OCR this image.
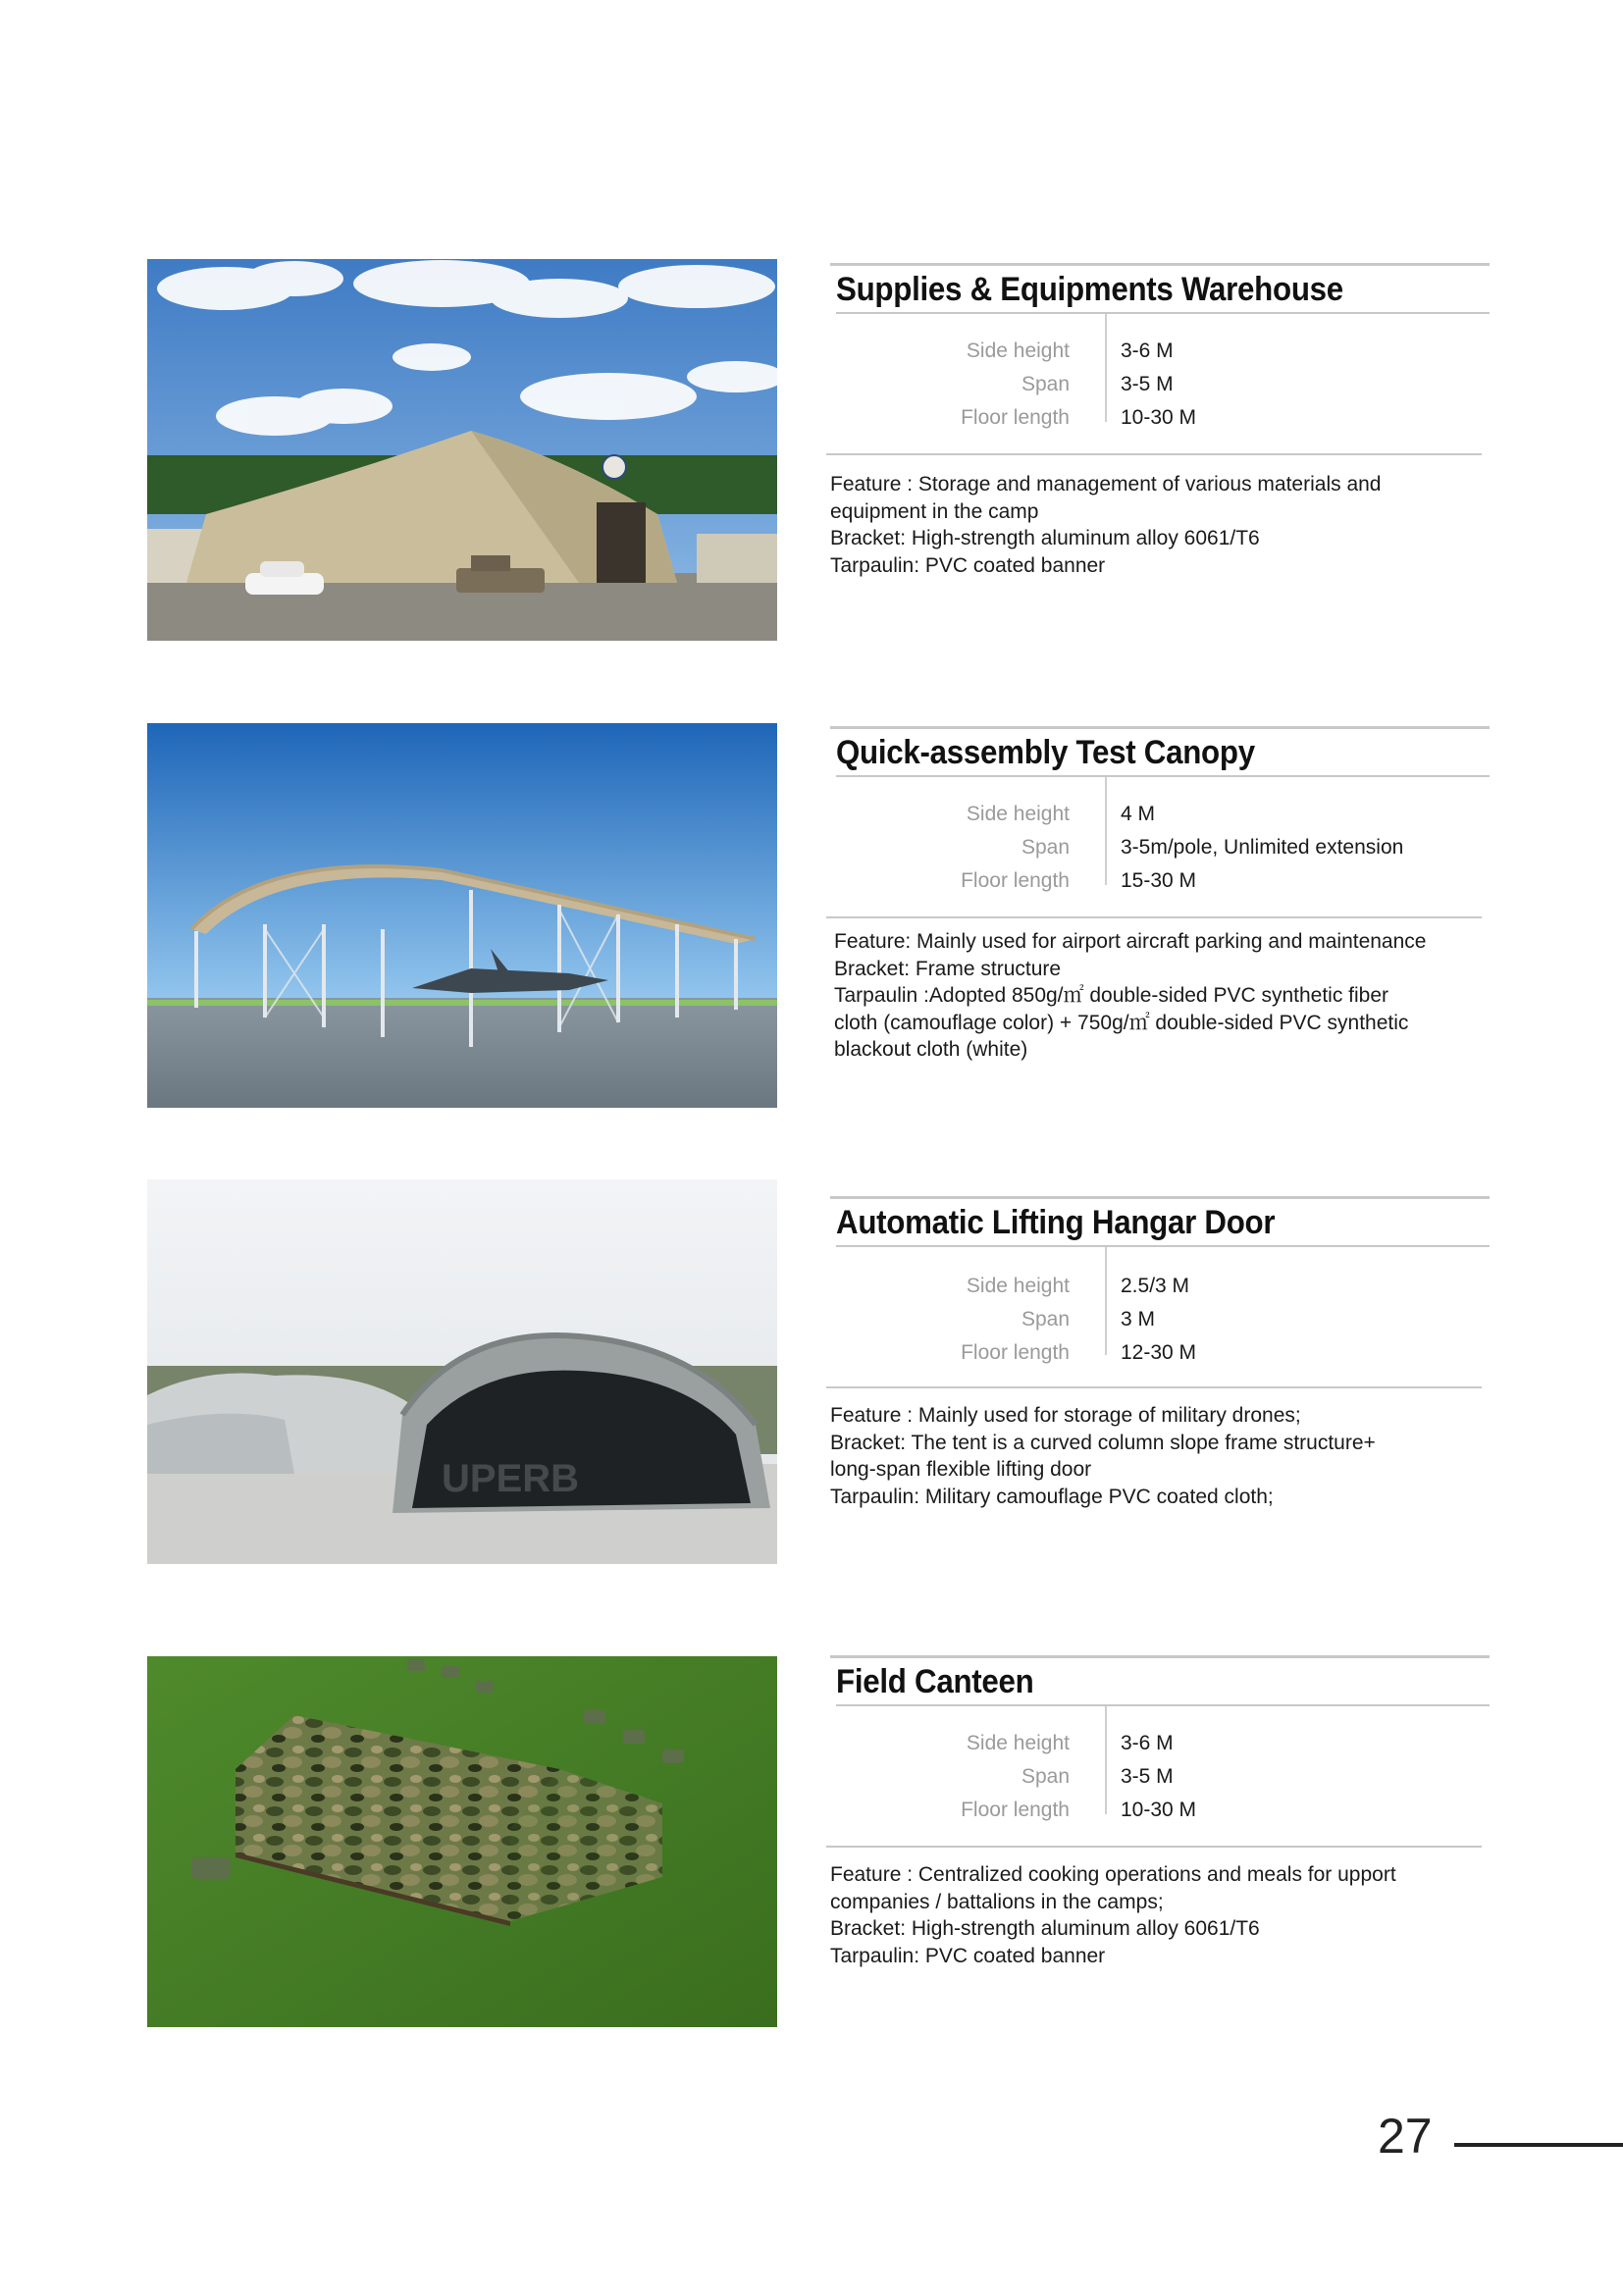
Supplies & Equipments Warehouse
Side height 3-6 M
Span 3-5 M
Floor length 10-30 M
Feature : Storage and management of various materials and
equipment in the camp
Bracket: High-strength aluminum alloy 6061/T6
Tarpaulin: PVC coated banner
Quick-assembly Test Canopy
Side height 4 M
Span 3-5m/pole, Unlimited extension
Floor length 15-30 M
Feature: Mainly used for airport aircraft parking and maintenance
Bracket: Frame structure
Tarpaulin :Adopted 850g/㎡ double-sided PVC synthetic fiber
cloth (camouflage color) + 750g/㎡ double-sided PVC synthetic
blackout cloth (white)
UPERB
Automatic Lifting Hangar Door
Side height 2.5/3 M
Span 3 M
Floor length 12-30 M
Feature : Mainly used for storage of military drones;
Bracket: The tent is a curved column slope frame structure+
long-span flexible lifting door
Tarpaulin: Military camouflage PVC coated cloth;
Field Canteen
Side height 3-6 M
Span 3-5 M
Floor length 10-30 M
Feature : Centralized cooking operations and meals for upport
companies / battalions in the camps;
Bracket: High-strength aluminum alloy 6061/T6
Tarpaulin: PVC coated banner
27
